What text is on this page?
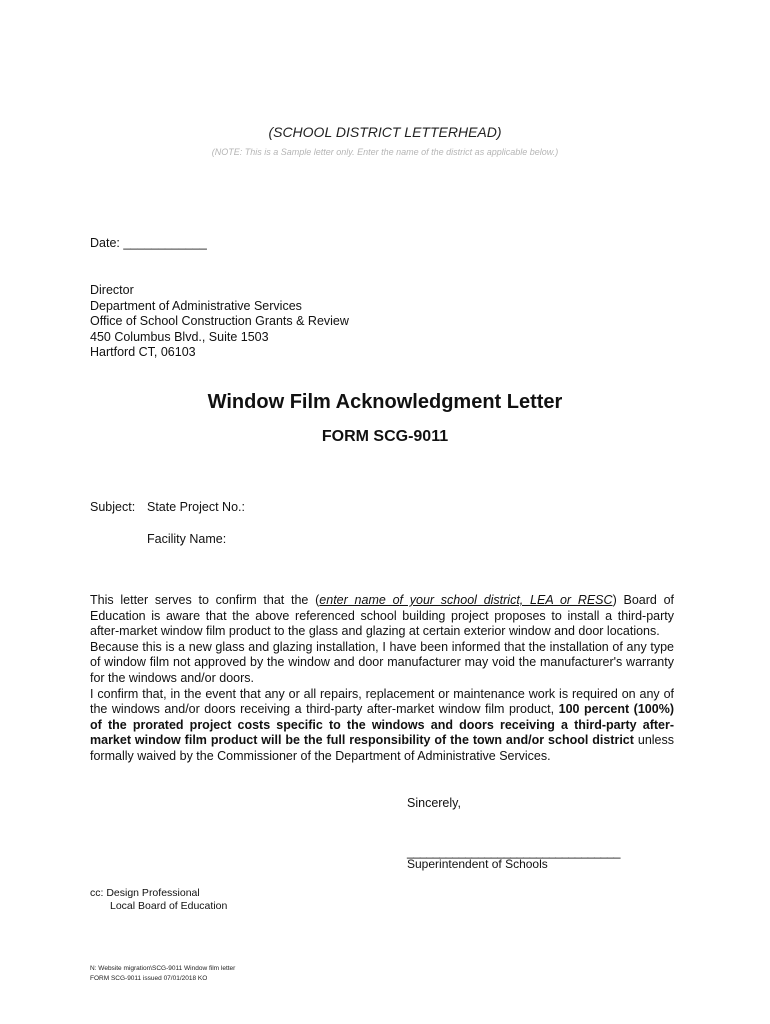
(SCHOOL DISTRICT LETTERHEAD)
(NOTE: This is a Sample letter only. Enter the name of the district as applicable below.)
Date: ____________
Director
Department of Administrative Services
Office of School Construction Grants & Review
450 Columbus Blvd., Suite 1503
Hartford CT, 06103
Window Film Acknowledgment Letter
FORM SCG-9011
Subject: State Project No.:
Facility Name:

This letter serves to confirm that the (enter name of your school district, LEA or RESC) Board of Education is aware that the above referenced school building project proposes to install a third-party after-market window film product to the glass and glazing at certain exterior window and door locations.

Because this is a new glass and glazing installation, I have been informed that the installation of any type of window film not approved by the window and door manufacturer may void the manufacturer's warranty for the windows and/or doors.

I confirm that, in the event that any or all repairs, replacement or maintenance work is required on any of the windows and/or doors receiving a third-party after-market window film product, 100 percent (100%) of the prorated project costs specific to the windows and doors receiving a third-party after-market window film product will be the full responsibility of the town and/or school district unless formally waived by the Commissioner of the Department of Administrative Services.

Sincerely,
_________________________________
Superintendent of Schools
cc: Design Professional
Local Board of Education
N: Website migration\SCG-9011 Window film letter
FORM SCG-9011 issued 07/01/2018 KO
